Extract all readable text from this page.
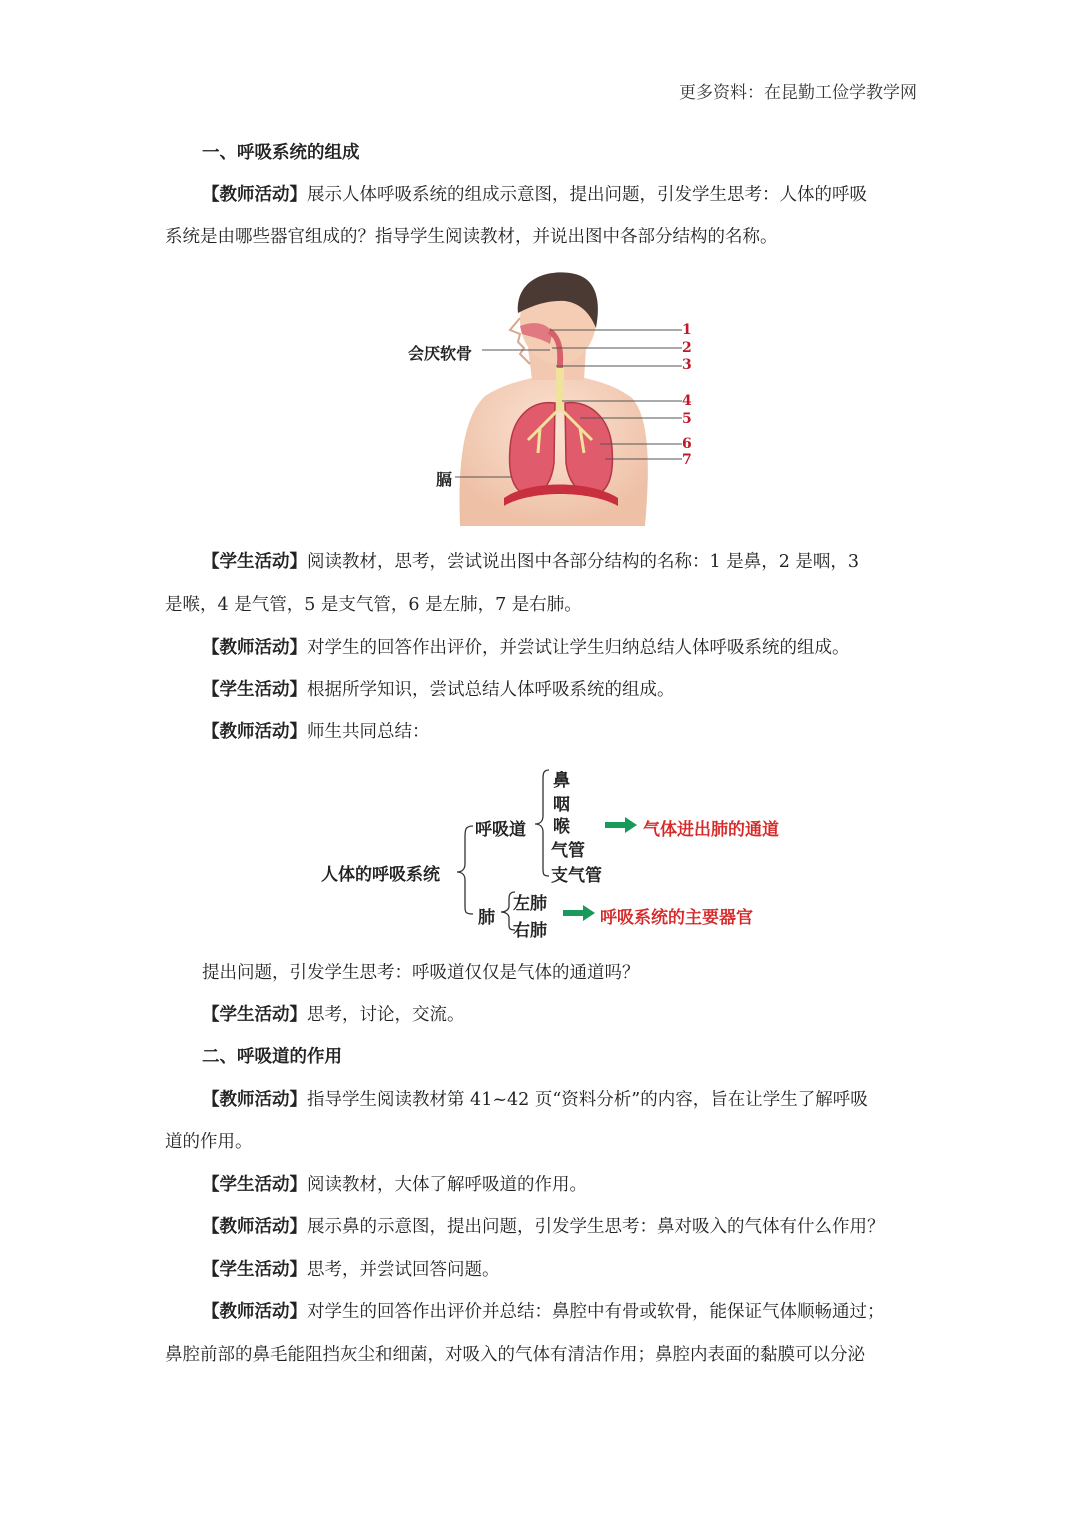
更多资料：在昆勤工俭学教学网
一、呼吸系统的组成
【教师活动】展示人体呼吸系统的组成示意图，提出问题，引发学生思考：人体的呼吸
系统是由哪些器官组成的？指导学生阅读教材，并说出图中各部分结构的名称。
会厌软骨
膈
1
2
3
4
5
6
7
【学生活动】阅读教材，思考，尝试说出图中各部分结构的名称：1 是鼻，2 是咽，3
是喉，4 是气管，5 是支气管，6 是左肺，7 是右肺。
【教师活动】对学生的回答作出评价，并尝试让学生归纳总结人体呼吸系统的组成。
【学生活动】根据所学知识，尝试总结人体呼吸系统的组成。
【教师活动】师生共同总结：
人体的呼吸系统
呼吸道
鼻
咽
喉
气管
支气管
气体进出肺的通道
肺
左肺
右肺
呼吸系统的主要器官
提出问题，引发学生思考：呼吸道仅仅是气体的通道吗？
【学生活动】思考，讨论，交流。
二、呼吸道的作用
【教师活动】指导学生阅读教材第 41~42 页“资料分析”的内容，旨在让学生了解呼吸
道的作用。
【学生活动】阅读教材，大体了解呼吸道的作用。
【教师活动】展示鼻的示意图，提出问题，引发学生思考：鼻对吸入的气体有什么作用？
【学生活动】思考，并尝试回答问题。
【教师活动】对学生的回答作出评价并总结：鼻腔中有骨或软骨，能保证气体顺畅通过；
鼻腔前部的鼻毛能阻挡灰尘和细菌，对吸入的气体有清洁作用；鼻腔内表面的黏膜可以分泌
